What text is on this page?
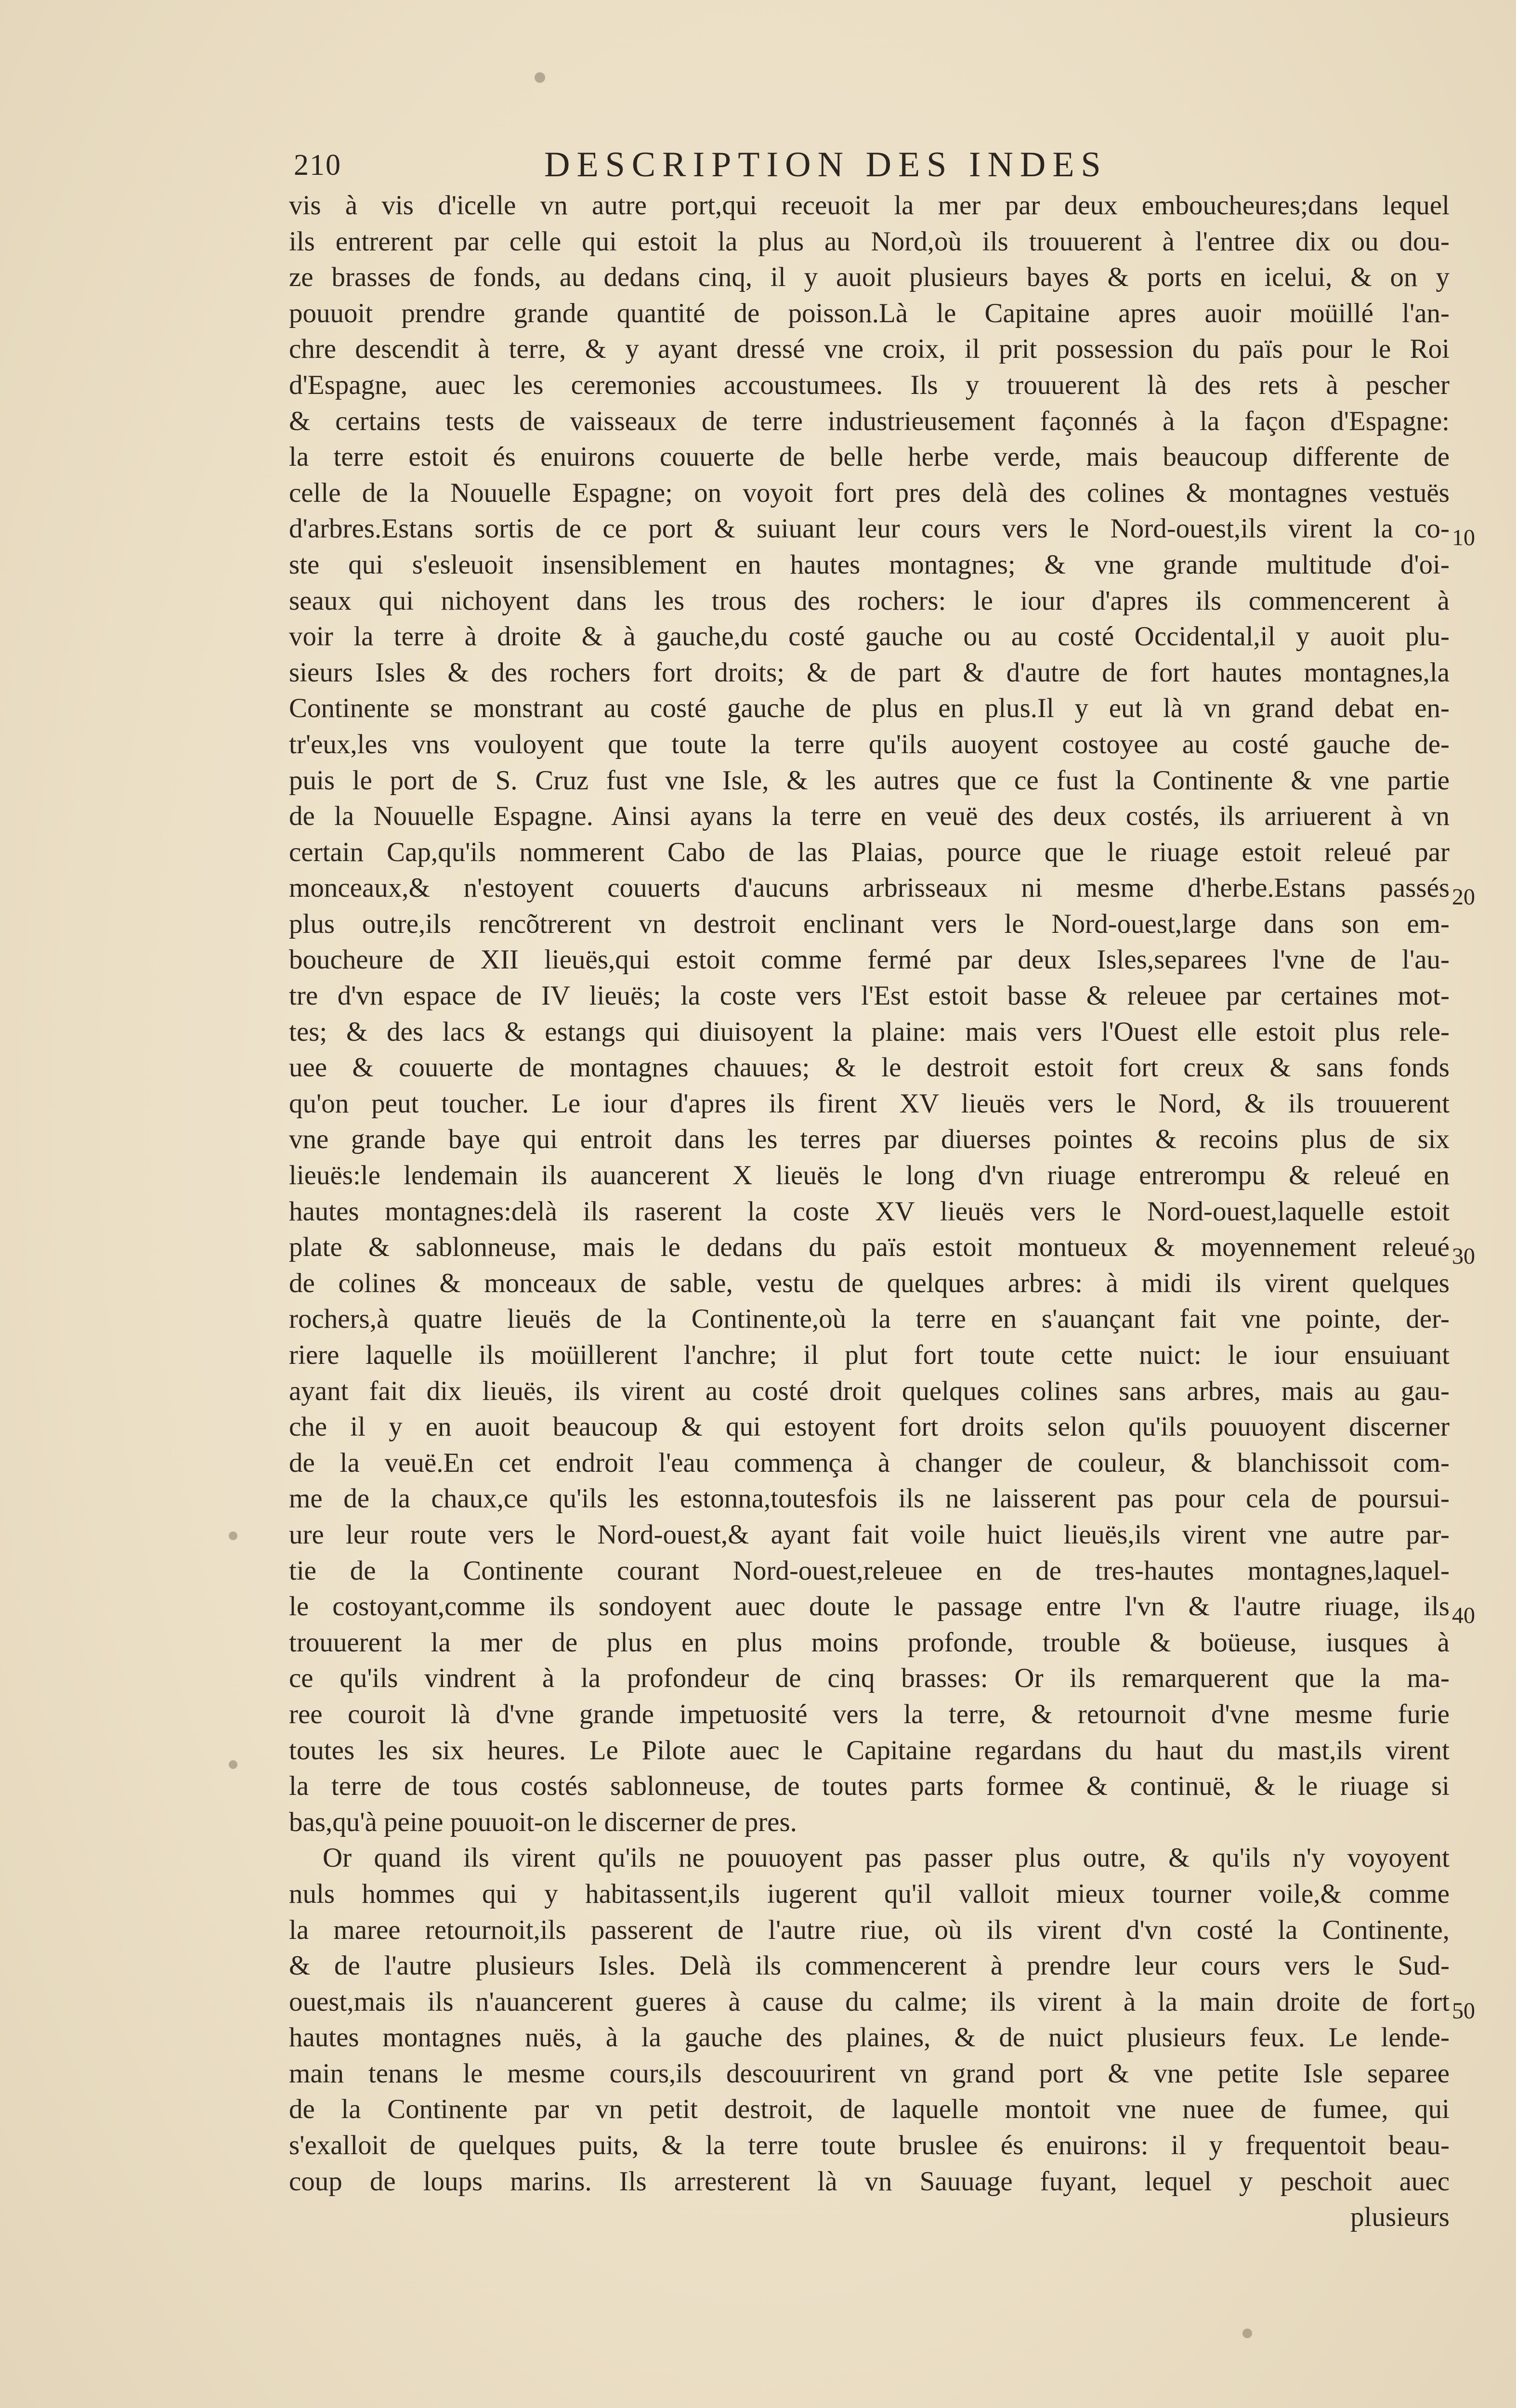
210	DESCRIPTION DES INDES
vis à vis d'icelle vn autre port,qui receuoit la mer par deux emboucheures;dans lequel
ils entrerent par celle qui estoit la plus au Nord,où ils trouuerent à l'entree dix ou dou-
ze brasses de fonds, au dedans cinq, il y auoit plusieurs bayes & ports en icelui, & on y
pouuoit prendre grande quantité de poisson.Là le Capitaine apres auoir moüillé l'an-
chre descendit à terre, & y ayant dressé vne croix, il prit possession du païs pour le Roi
d'Espagne, auec les ceremonies accoustumees. Ils y trouuerent là des rets à pescher
& certains tests de vaisseaux de terre industrieusement façonnés à la façon d'Espagne:
la terre estoit és enuirons couuerte de belle herbe verde, mais beaucoup differente de
celle de la Nouuelle Espagne; on voyoit fort pres delà des colines & montagnes vestuës
d'arbres.Estans sortis de ce port & suiuant leur cours vers le Nord-ouest,ils virent la co-
ste qui s'esleuoit insensiblement en hautes montagnes; & vne grande multitude d'oi-
seaux qui nichoyent dans les trous des rochers: le iour d'apres ils commencerent à
voir la terre à droite & à gauche,du costé gauche ou au costé Occidental,il y auoit plu-
sieurs Isles & des rochers fort droits; & de part & d'autre de fort hautes montagnes,la
Continente se monstrant au costé gauche de plus en plus.Il y eut là vn grand debat en-
tr'eux,les vns vouloyent que toute la terre qu'ils auoyent costoyee au costé gauche de-
puis le port de S. Cruz fust vne Isle, & les autres que ce fust la Continente & vne partie
de la Nouuelle Espagne. Ainsi ayans la terre en veuë des deux costés, ils arriuerent à vn
certain Cap,qu'ils nommerent Cabo de las Plaias, pource que le riuage estoit releué par
monceaux,& n'estoyent couuerts d'aucuns arbrisseaux ni mesme d'herbe.Estans passés
plus outre,ils rencõtrerent vn destroit enclinant vers le Nord-ouest,large dans son em-
boucheure de XII lieuës,qui estoit comme fermé par deux Isles,separees l'vne de l'au-
tre d'vn espace de IV lieuës; la coste vers l'Est estoit basse & releuee par certaines mot-
tes; & des lacs & estangs qui diuisoyent la plaine: mais vers l'Ouest elle estoit plus rele-
uee & couuerte de montagnes chauues; & le destroit estoit fort creux & sans fonds
qu'on peut toucher. Le iour d'apres ils firent XV lieuës vers le Nord, & ils trouuerent
vne grande baye qui entroit dans les terres par diuerses pointes & recoins plus de six
lieuës:le lendemain ils auancerent X lieuës le long d'vn riuage entrerompu & releué en
hautes montagnes:delà ils raserent la coste XV lieuës vers le Nord-ouest,laquelle estoit
plate & sablonneuse, mais le dedans du païs estoit montueux & moyennement releué
de colines & monceaux de sable, vestu de quelques arbres: à midi ils virent quelques
rochers,à quatre lieuës de la Continente,où la terre en s'auançant fait vne pointe, der-
riere laquelle ils moüillerent l'anchre; il plut fort toute cette nuict: le iour ensuiuant
ayant fait dix lieuës, ils virent au costé droit quelques colines sans arbres, mais au gau-
che il y en auoit beaucoup & qui estoyent fort droits selon qu'ils pouuoyent discerner
de la veuë.En cet endroit l'eau commença à changer de couleur, & blanchissoit com-
me de la chaux,ce qu'ils les estonna,toutesfois ils ne laisserent pas pour cela de poursui-
ure leur route vers le Nord-ouest,& ayant fait voile huict lieuës,ils virent vne autre par-
tie de la Continente courant Nord-ouest,releuee en de tres-hautes montagnes,laquel-
le costoyant,comme ils sondoyent auec doute le passage entre l'vn & l'autre riuage, ils
trouuerent la mer de plus en plus moins profonde, trouble & boüeuse, iusques à
ce qu'ils vindrent à la profondeur de cinq brasses: Or ils remarquerent que la ma-
ree couroit là d'vne grande impetuosité vers la terre, & retournoit d'vne mesme furie
toutes les six heures. Le Pilote auec le Capitaine regardans du haut du mast,ils virent
la terre de tous costés sablonneuse, de toutes parts formee & continuë, & le riuage si
bas,qu'à peine pouuoit-on le discerner de pres.
Or quand ils virent qu'ils ne pouuoyent pas passer plus outre, & qu'ils n'y voyoyent
nuls hommes qui y habitassent,ils iugerent qu'il valloit mieux tourner voile,& comme
la maree retournoit,ils passerent de l'autre riue, où ils virent d'vn costé la Continente,
& de l'autre plusieurs Isles. Delà ils commencerent à prendre leur cours vers le Sud-
ouest,mais ils n'auancerent gueres à cause du calme; ils virent à la main droite de fort
hautes montagnes nuës, à la gauche des plaines, & de nuict plusieurs feux. Le lende-
main tenans le mesme cours,ils descouurirent vn grand port & vne petite Isle separee
de la Continente par vn petit destroit, de laquelle montoit vne nuee de fumee, qui
s'exalloit de quelques puits, & la terre toute bruslee és enuirons: il y frequentoit beau-
coup de loups marins. Ils arresterent là vn Sauuage fuyant, lequel y peschoit auec
plusieurs
10
20
30
40
50
